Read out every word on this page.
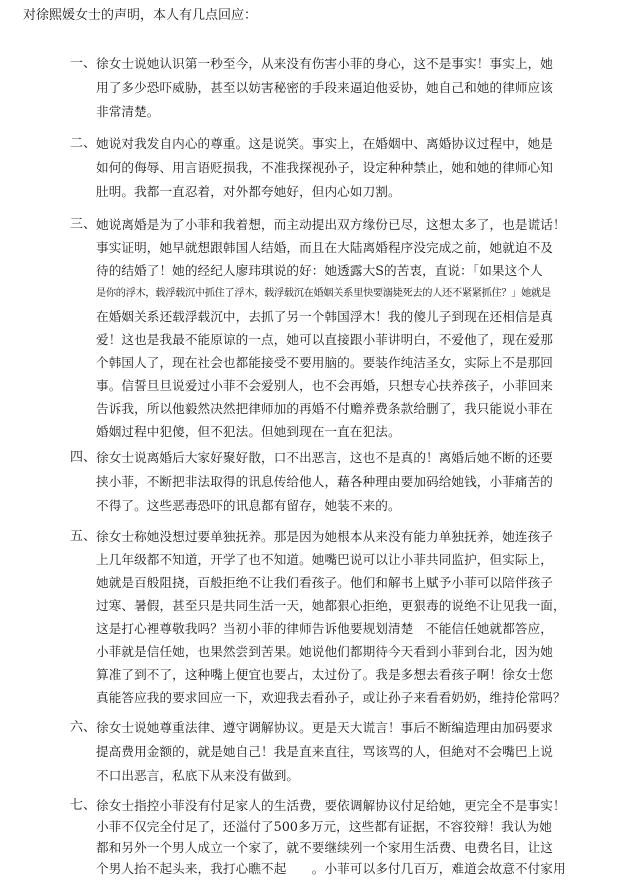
对徐熙媛女士的声明，本人有几点回应：
一、 徐女士说她认识第一秒至今，从来没有伤害小菲的身心，这不是事实！事实上，她
用了多少恐吓威胁，甚至以妨害秘密的手段来逼迫他妥协，她自己和她的律师应该
非常清楚。
二、 她说对我发自内心的尊重。这是说笑。事实上，在婚姻中、离婚协议过程中，她是
如何的侮辱、用言语贬损我，不准我探视孙子，设定种种禁止，她和她的律师心知
肚明。我都一直忍着，对外都夸她好，但内心如刀割。
三、 她说离婚是为了小菲和我着想，而主动提出双方缘份已尽，这想太多了，也是谎话！
事实证明，她早就想跟韩国人结婚，而且在大陆离婚程序没完成之前，她就迫不及
待的结婚了！她的经纪人廖玮琪说的好：她透露大S的苦衷，直说：「如果这个人
是你的浮木，载浮载沉中抓住了浮木，载浮载沉在婚姻关系里快要溺毙死去的人还不紧紧抓住？」她就是
在婚姻关系还载浮载沉中，去抓了另一个韩国浮木！我的傻儿子到现在还相信是真
爱！这也是我最不能原谅的一点，她可以直接跟小菲讲明白，不爱他了，现在爱那
个韩国人了，现在社会也都能接受不要用脑的。要装作纯洁圣女，实际上不是那回
事。信誓旦旦说爱过小菲不会爱别人，也不会再婚，只想专心扶养孩子，小菲回来
告诉我，所以他毅然决然把律师加的再婚不付赡养费条款给删了，我只能说小菲在
婚姻过程中犯傻，但不犯法。但她到现在一直在犯法。
四、 徐女士说离婚后大家好聚好散，口不出恶言，这也不是真的！离婚后她不断的还要
挟小菲，不断把非法取得的讯息传给他人，藉各种理由要加码给她钱，小菲痛苦的
不得了。这些恶毒恐吓的讯息都有留存，她装不来的。
五、 徐女士称她没想过要单独抚养。那是因为她根本从来没有能力单独抚养，她连孩子
上几年级都不知道，开学了也不知道。她嘴巴说可以让小菲共同监护，但实际上，
她就是百般阻挠，百般拒绝不让我们看孩子。他们和解书上赋予小菲可以陪伴孩子
过寒、暑假，甚至只是共同生活一天，她都狠心拒绝，更狠毒的说绝不让见我一面，
这是打心裡尊敬我吗？当初小菲的律师告诉他要规划清楚　不能信任她就都答应，
小菲就是信任她，也果然尝到苦果。她说他们都期待今天看到小菲到台北，因为她
算准了到不了，这种嘴上便宜也要占，太过份了。我是多想去看孩子啊！徐女士您
真能答应我的要求回应一下，欢迎我去看孙子，或让孙子来看看奶奶，维持伦常吗？
六、 徐女士说她尊重法律、遵守调解协议。更是天大谎言！事后不断编造理由加码要求
提高费用金额的，就是她自己！我是直来直往，骂该骂的人，但絶对不会嘴巴上说
不口出恶言，私底下从来没有做到。
七、 徐女士指控小菲没有付足家人的生活费，要依调解协议付足给她，更完全不是事实！
小菲不仅完全付足了，还溢付了500多万元，这些都有证据，不容狡辩！我认为她
都和另外一个男人成立一个家了，就不要继续列一个家用生活费、电费名目，让这
个男人抬不起头来，我打心瞧不起　　。小菲可以多付几百万，难道会故意不付家用
